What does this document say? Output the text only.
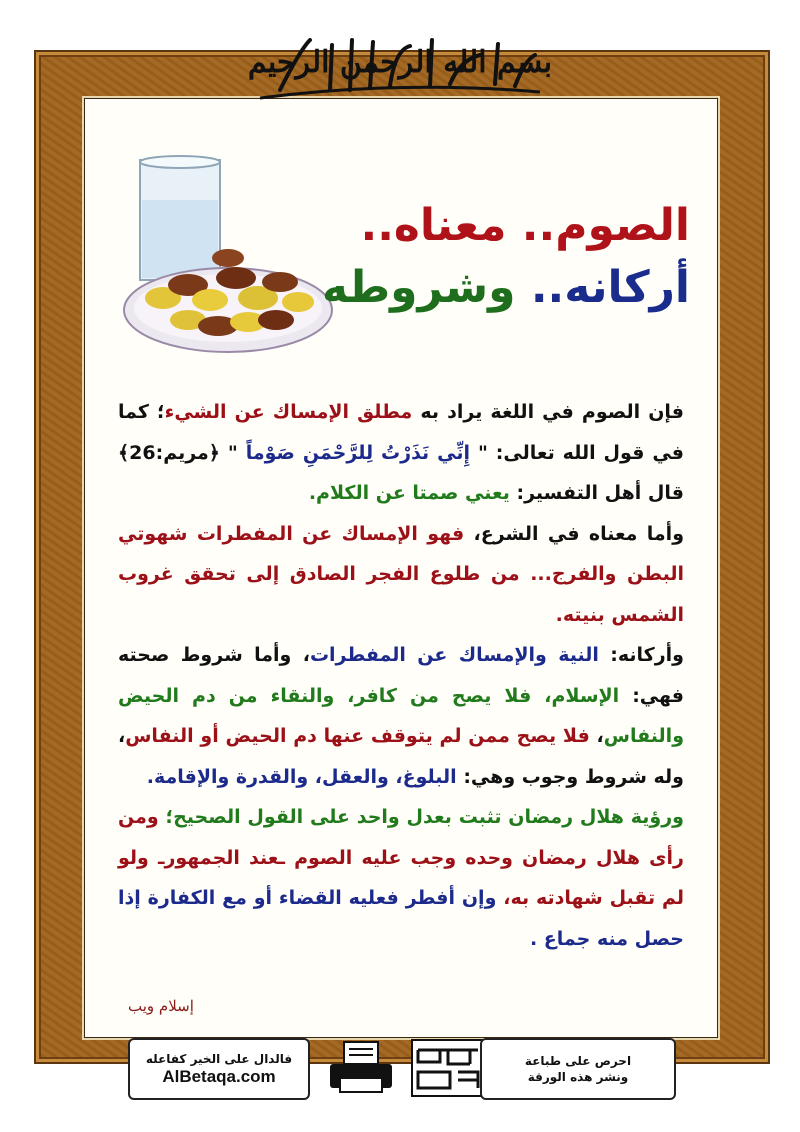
بسم الله الرحمن الرحيم
الصوم.. معناه..
أركانه.. وشروطه

فإن الصوم في اللغة يراد به مطلق الإمساك عن الشيء؛ كما في قول الله تعالى: " إِنِّي نَذَرْتُ لِلرَّحْمَنِ صَوْماً " ﴿مريم:26﴾ قال أهل التفسير: يعني صمتا عن الكلام.

وأما معناه في الشرع، فهو الإمساك عن المفطرات شهوتي البطن والفرج... من طلوع الفجر الصادق إلى تحقق غروب الشمس بنيته.

وأركانه: النية والإمساك عن المفطرات، وأما شروط صحته فهي: الإسلام، فلا يصح من كافر، والنقاء من دم الحيض والنفاس، فلا يصح ممن لم يتوقف عنها دم الحيض أو النفاس، وله شروط وجوب وهي: البلوغ، والعقل، والقدرة والإقامة.

ورؤية هلال رمضان تثبت بعدل واحد على القول الصحيح؛ ومن رأى هلال رمضان وحده وجب عليه الصوم ـعند الجمهورـ ولو لم تقبل شهادته به، وإن أفطر فعليه القضاء أو مع الكفارة إذا حصل منه جماع .

إسلام ويب
فالدال على الخير كفاعله
AlBetaqa.com
احرص على طباعة
ونشر هذه الورقة
